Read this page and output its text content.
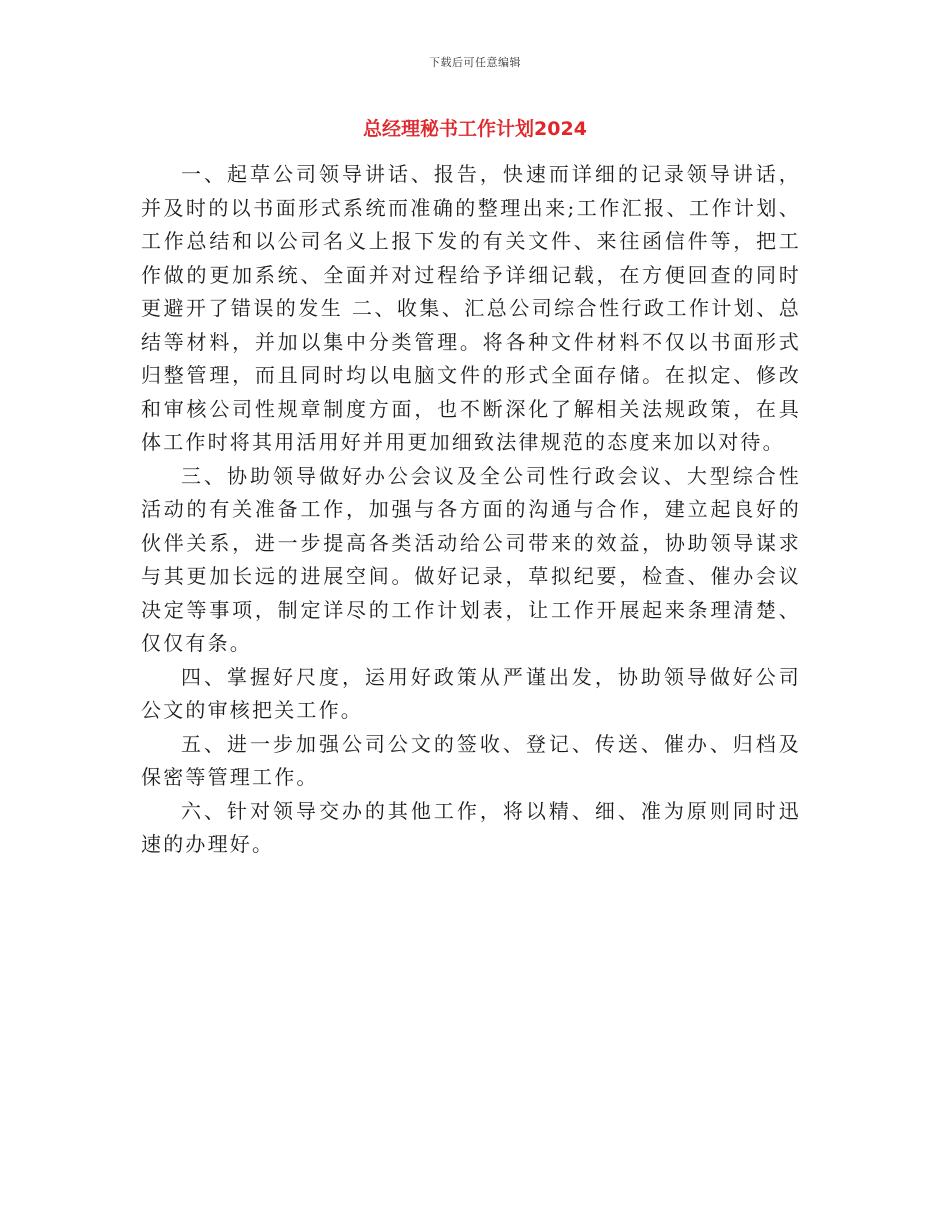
下载后可任意编辑
总经理秘书工作计划2024

一、起草公司领导讲话、报告，快速而详细的记录领导讲话，并及时的以书面形式系统而准确的整理出来;工作汇报、工作计划、工作总结和以公司名义上报下发的有关文件、来往函信件等，把工作做的更加系统、全面并对过程给予详细记载，在方便回查的同时更避开了错误的发生 二、收集、汇总公司综合性行政工作计划、总结等材料，并加以集中分类管理。将各种文件材料不仅以书面形式归整管理，而且同时均以电脑文件的形式全面存储。在拟定、修改和审核公司性规章制度方面，也不断深化了解相关法规政策，在具体工作时将其用活用好并用更加细致法律规范的态度来加以对待。

三、协助领导做好办公会议及全公司性行政会议、大型综合性活动的有关准备工作，加强与各方面的沟通与合作，建立起良好的伙伴关系，进一步提高各类活动给公司带来的效益，协助领导谋求与其更加长远的进展空间。做好记录，草拟纪要，检查、催办会议决定等事项，制定详尽的工作计划表，让工作开展起来条理清楚、仅仅有条。

四、掌握好尺度，运用好政策从严谨出发，协助领导做好公司公文的审核把关工作。

五、进一步加强公司公文的签收、登记、传送、催办、归档及保密等管理工作。

六、针对领导交办的其他工作，将以精、细、准为原则同时迅速的办理好。
